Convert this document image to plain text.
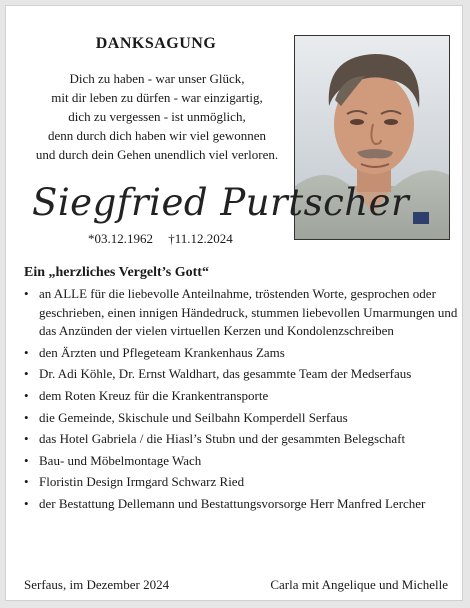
DANKSAGUNG
Dich zu haben - war unser Glück,
mit dir leben zu dürfen - war einzigartig,
dich zu vergessen - ist unmöglich,
denn durch dich haben wir viel gewonnen
und durch dein Gehen unendlich viel verloren.
Siegfried Purtscher
*03.12.1962 †11.12.2024
Ein „herzliches Vergelt’s Gott“
• an ALLE für die liebevolle Anteilnahme, tröstenden Worte, gesprochen oder geschrieben, einen innigen Händedruck, stummen liebevollen Umarmungen und das Anzünden der vielen virtuellen Kerzen und Kondolenzschreiben
• den Ärzten und Pflegeteam Krankenhaus Zams
• Dr. Adi Köhle, Dr. Ernst Waldhart, das gesammte Team der Medserfaus
• dem Roten Kreuz für die Krankentransporte
• die Gemeinde, Skischule und Seilbahn Komperdell Serfaus
• das Hotel Gabriela / die Hiasl’s Stubn und der gesammten Belegschaft
• Bau- und Möbelmontage Wach
• Floristin Design Irmgard Schwarz Ried
• der Bestattung Dellemann und Bestattungsvorsorge Herr Manfred Lercher
Serfaus, im Dezember 2024	Carla mit Angelique und Michelle
